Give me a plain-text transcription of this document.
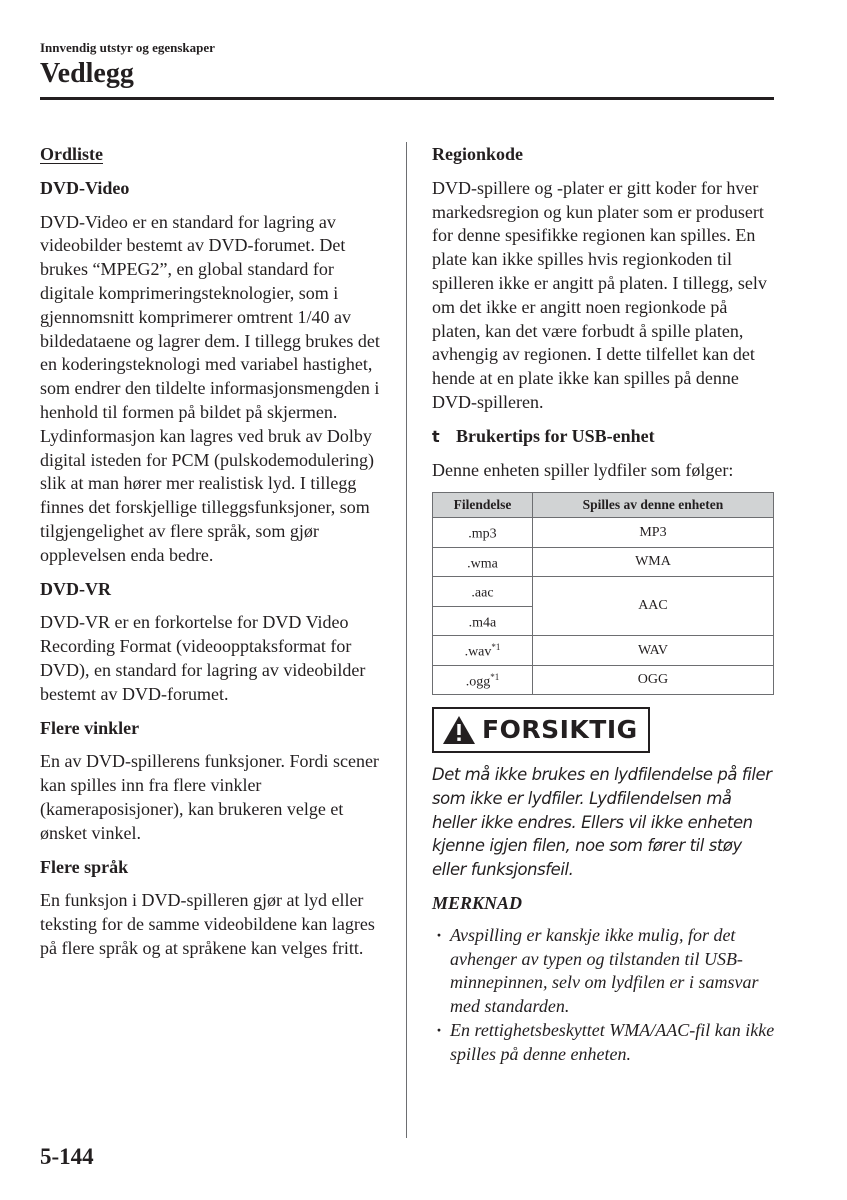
Innvendig utstyr og egenskaper
Vedlegg
Ordliste
DVD-Video

DVD-Video er en standard for lagring av videobilder bestemt av DVD-forumet. Det brukes “MPEG2”, en global standard for digitale komprimeringsteknologier, som i gjennomsnitt komprimerer omtrent 1/40 av bildedataene og lagrer dem. I tillegg brukes det en koderingsteknologi med variabel hastighet, som endrer den tildelte informasjonsmengden i henhold til formen på bildet på skjermen. Lydinformasjon kan lagres ved bruk av Dolby digital isteden for PCM (pulskodemodulering) slik at man hører mer realistisk lyd. I tillegg finnes det forskjellige tilleggsfunksjoner, som tilgjengelighet av flere språk, som gjør opplevelsen enda bedre.

DVD-VR

DVD-VR er en forkortelse for DVD Video Recording Format (videoopptaksformat for DVD), en standard for lagring av videobilder bestemt av DVD-forumet.

Flere vinkler

En av DVD-spillerens funksjoner. Fordi scener kan spilles inn fra flere vinkler (kameraposisjoner), kan brukeren velge et ønsket vinkel.

Flere språk

En funksjon i DVD-spilleren gjør at lyd eller teksting for de samme videobildene kan lagres på flere språk og at språkene kan velges fritt.

Regionkode

DVD-spillere og -plater er gitt koder for hver markedsregion og kun plater som er produsert for denne spesifikke regionen kan spilles. En plate kan ikke spilles hvis regionkoden til spilleren ikke er angitt på platen. I tillegg, selv om det ikke er angitt noen regionkode på platen, kan det være forbudt å spille platen, avhengig av regionen. I dette tilfellet kan det hende at en plate ikke kan spilles på denne DVD-spilleren.

t Brukertips for USB-enhet

Denne enheten spiller lydfiler som følger:

Filendelse	Spilles av denne enheten
.mp3	MP3
.wma	WMA
.aac	AAC
.m4a	
.wav$^{*1}$	WAV
.ogg$^{*1}$	OGG
FORSIKTIG

Det må ikke brukes en lydfilendelse på filer som ikke er lydfiler. Lydfilendelsen må heller ikke endres. Ellers vil ikke enheten kjenne igjen filen, noe som fører til støy eller funksjonsfeil.

MERKNAD

· Avspilling er kanskje ikke mulig, for det avhenger av typen og tilstanden til USB-minnepinnen, selv om lydfilen er i samsvar med standarden.
· En rettighetsbeskyttet WMA/AAC-fil kan ikke spilles på denne enheten.
5-144
